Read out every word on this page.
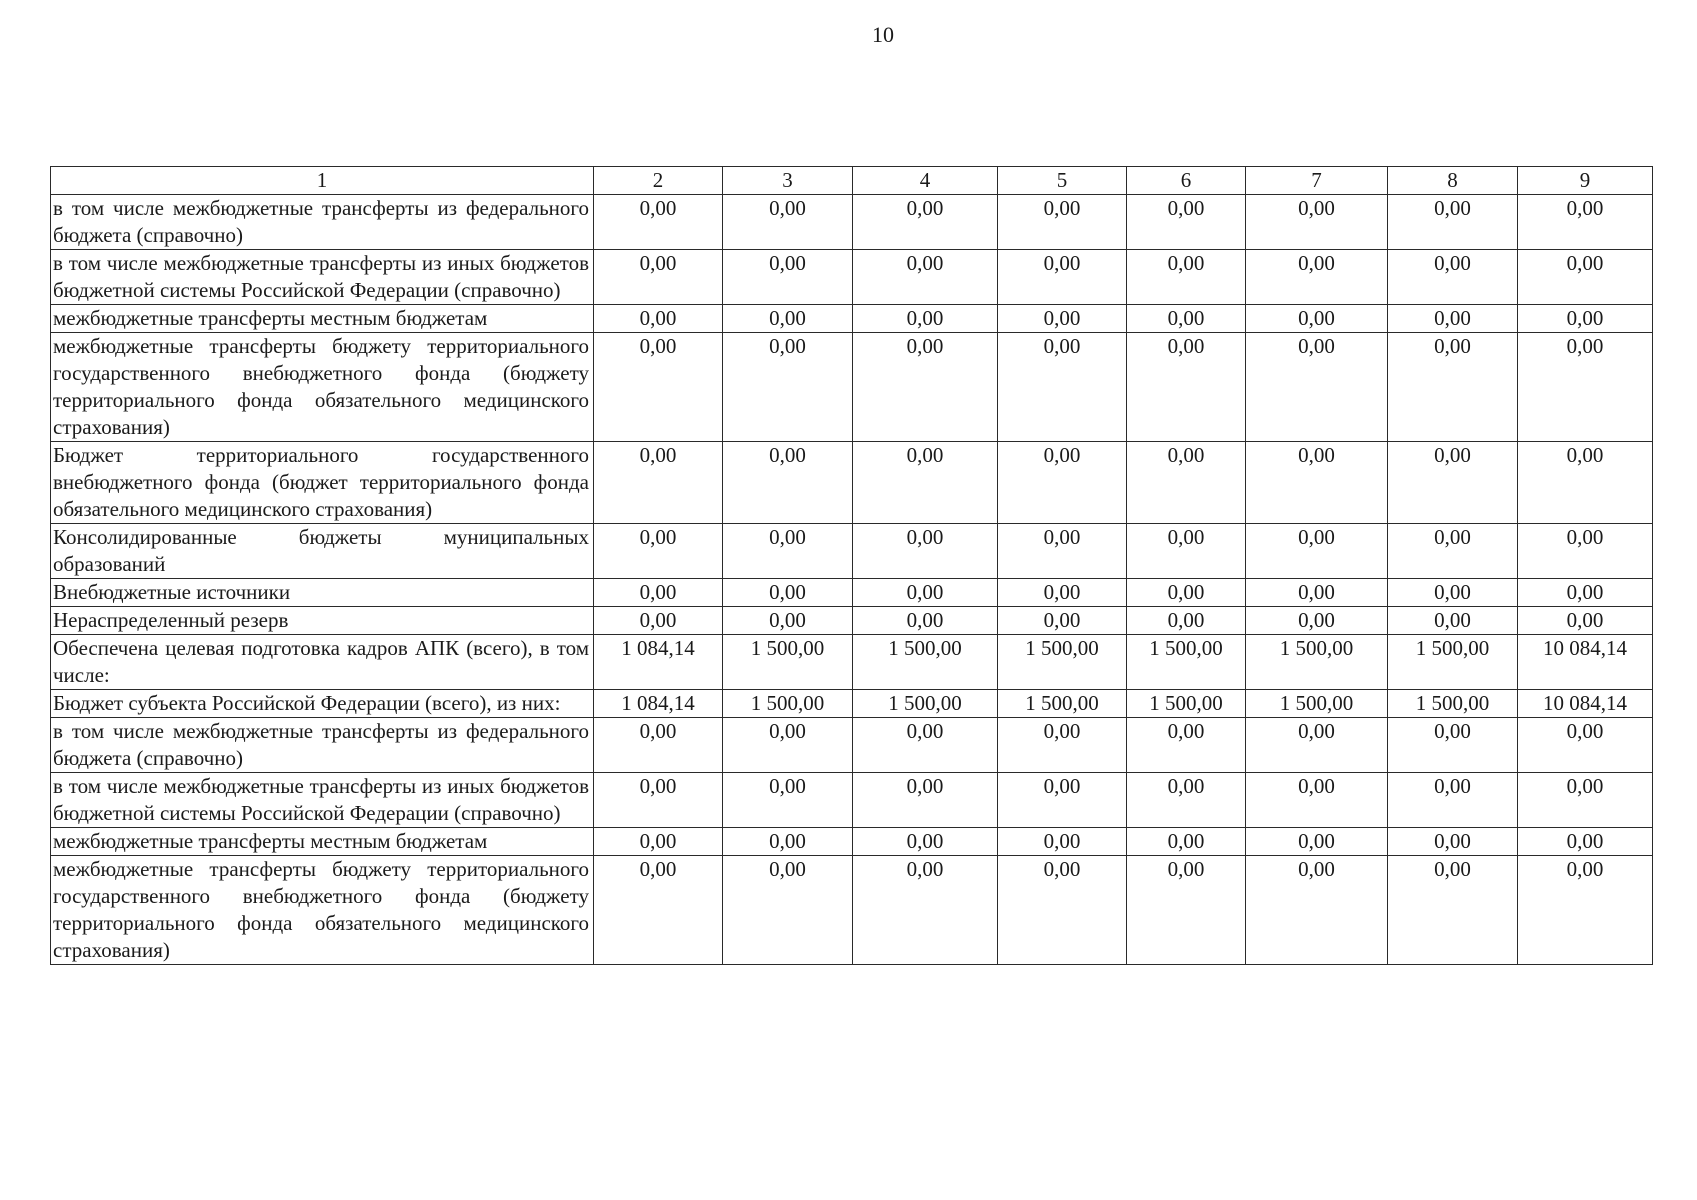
10
1	2	3	4	5	6	7	8	9
в том числе межбюджетные трансферты из федерального бюджета (справочно)	0,00	0,00	0,00	0,00	0,00	0,00	0,00	0,00
в том числе межбюджетные трансферты из иных бюджетов бюджетной системы Российской Федерации (справочно)	0,00	0,00	0,00	0,00	0,00	0,00	0,00	0,00
межбюджетные трансферты местным бюджетам	0,00	0,00	0,00	0,00	0,00	0,00	0,00	0,00
межбюджетные трансферты бюджету территориального государственного внебюджетного фонда (бюджету территориального фонда обязательного медицинского страхования)	0,00	0,00	0,00	0,00	0,00	0,00	0,00	0,00
Бюджет территориального государственного внебюджетного фонда (бюджет территориального фонда обязательного медицинского страхования)	0,00	0,00	0,00	0,00	0,00	0,00	0,00	0,00
Консолидированные бюджеты муниципальных образований	0,00	0,00	0,00	0,00	0,00	0,00	0,00	0,00
Внебюджетные источники	0,00	0,00	0,00	0,00	0,00	0,00	0,00	0,00
Нераспределенный резерв	0,00	0,00	0,00	0,00	0,00	0,00	0,00	0,00
Обеспечена целевая подготовка кадров АПК (всего), в том числе:	1 084,14	1 500,00	1 500,00	1 500,00	1 500,00	1 500,00	1 500,00	10 084,14
Бюджет субъекта Российской Федерации (всего), из них:	1 084,14	1 500,00	1 500,00	1 500,00	1 500,00	1 500,00	1 500,00	10 084,14
в том числе межбюджетные трансферты из федерального бюджета (справочно)	0,00	0,00	0,00	0,00	0,00	0,00	0,00	0,00
в том числе межбюджетные трансферты из иных бюджетов бюджетной системы Российской Федерации (справочно)	0,00	0,00	0,00	0,00	0,00	0,00	0,00	0,00
межбюджетные трансферты местным бюджетам	0,00	0,00	0,00	0,00	0,00	0,00	0,00	0,00
межбюджетные трансферты бюджету территориального государственного внебюджетного фонда (бюджету территориального фонда обязательного медицинского страхования)	0,00	0,00	0,00	0,00	0,00	0,00	0,00	0,00
